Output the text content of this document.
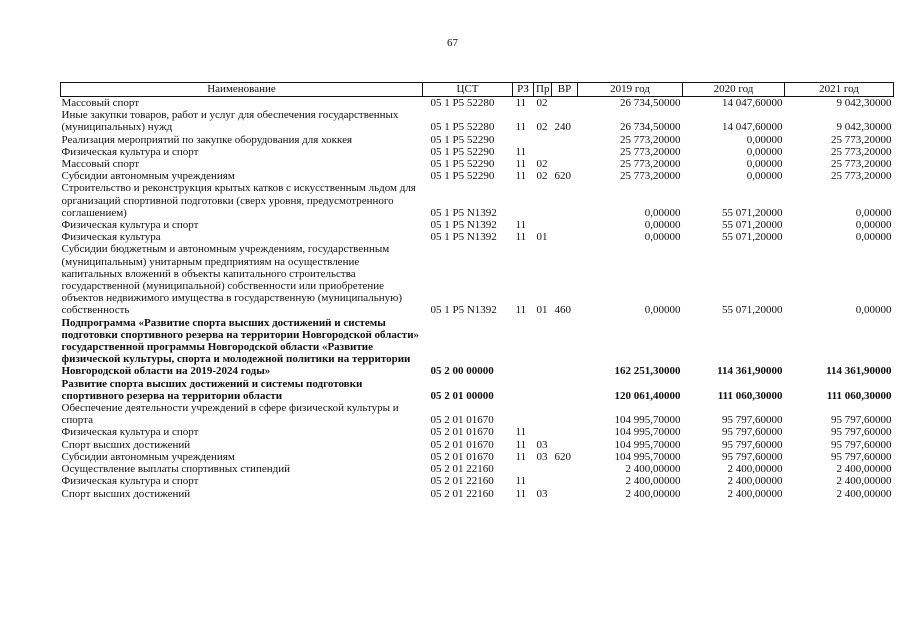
67
Наименование	ЦСТ	РЗ	Пр	ВР	2019 год	2020 год	2021 год
Массовый спорт	05 1 P5 52280	11	02		26 734,50000	14 047,60000	9 042,30000
Иные закупки товаров, работ и услуг для обеспечения государственных (муниципальных) нужд	05 1 P5 52280	11	02	240	26 734,50000	14 047,60000	9 042,30000
Реализация мероприятий по закупке оборудования для хоккея	05 1 P5 52290				25 773,20000	0,00000	25 773,20000
Физическая культура и спорт	05 1 P5 52290	11			25 773,20000	0,00000	25 773,20000
Массовый спорт	05 1 P5 52290	11	02		25 773,20000	0,00000	25 773,20000
Субсидии автономным учреждениям	05 1 P5 52290	11	02	620	25 773,20000	0,00000	25 773,20000
Строительство и реконструкция крытых катков с искусственным льдом для организаций спортивной подготовки (сверх уровня, предусмотренного соглашением)	05 1 P5 N1392				0,00000	55 071,20000	0,00000
Физическая культура и спорт	05 1 P5 N1392	11			0,00000	55 071,20000	0,00000
Физическая культура	05 1 P5 N1392	11	01		0,00000	55 071,20000	0,00000
Субсидии бюджетным и автономным учреждениям, государственным (муниципальным) унитарным предприятиям на осуществление капитальных вложений в объекты капитального строительства государственной (муниципальной) собственности или приобретение объектов недвижимого имущества в государственную (муниципальную) собственность	05 1 P5 N1392	11	01	460	0,00000	55 071,20000	0,00000
Подпрограмма «Развитие спорта высших достижений и системы подготовки спортивного резерва на территории Новгородской области» государственной программы Новгородской области «Развитие физической культуры, спорта и молодежной политики на территории Новгородской области на 2019-2024 годы»	05 2 00 00000				162 251,30000	114 361,90000	114 361,90000
Развитие спорта высших достижений и системы подготовки спортивного резерва на территории области	05 2 01 00000				120 061,40000	111 060,30000	111 060,30000
Обеспечение деятельности учреждений в сфере физической культуры и спорта	05 2 01 01670				104 995,70000	95 797,60000	95 797,60000
Физическая культура и спорт	05 2 01 01670	11			104 995,70000	95 797,60000	95 797,60000
Спорт высших достижений	05 2 01 01670	11	03		104 995,70000	95 797,60000	95 797,60000
Субсидии автономным учреждениям	05 2 01 01670	11	03	620	104 995,70000	95 797,60000	95 797,60000
Осуществление выплаты спортивных стипендий	05 2 01 22160				2 400,00000	2 400,00000	2 400,00000
Физическая культура и спорт	05 2 01 22160	11			2 400,00000	2 400,00000	2 400,00000
Спорт высших достижений	05 2 01 22160	11	03		2 400,00000	2 400,00000	2 400,00000
